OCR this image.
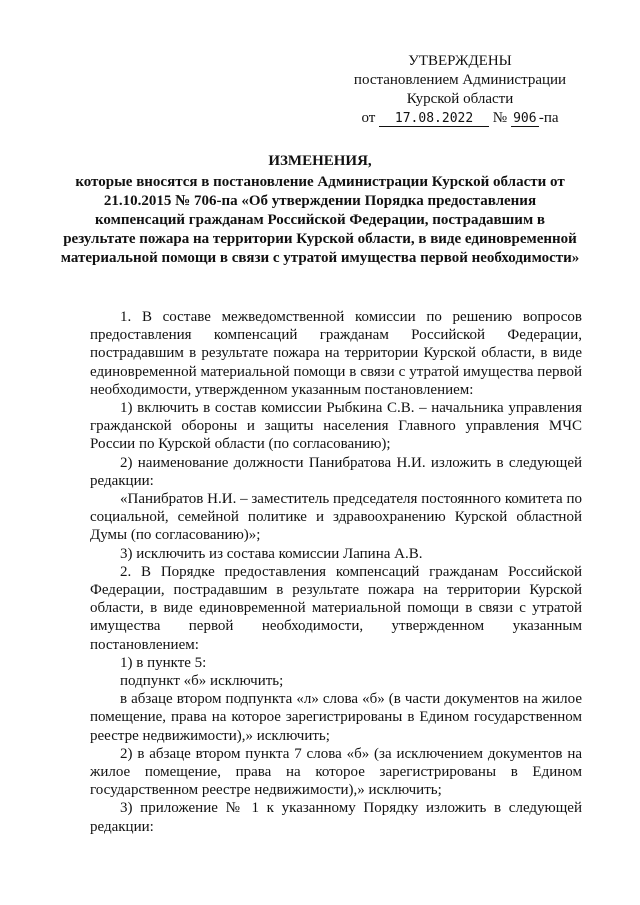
УТВЕРЖДЕНЫ
постановлением Администрации
Курской области
от 17.08.2022 № 906 -па
ИЗМЕНЕНИЯ,
которые вносятся в постановление Администрации Курской области от 21.10.2015 № 706-па «Об утверждении Порядка предоставления компенсаций гражданам Российской Федерации, пострадавшим в результате пожара на территории Курской области, в виде единовременной материальной помощи в связи с утратой имущества первой необходимости»

1. В составе межведомственной комиссии по решению вопросов предоставления компенсаций гражданам Российской Федерации, пострадавшим в результате пожара на территории Курской области, в виде единовременной материальной помощи в связи с утратой имущества первой необходимости, утвержденном указанным постановлением:

1) включить в состав комиссии Рыбкина С.В. – начальника управления гражданской обороны и защиты населения Главного управления МЧС России по Курской области (по согласованию);

2) наименование должности Панибратова Н.И. изложить в следующей редакции:

«Панибратов Н.И. – заместитель председателя постоянного комитета по социальной, семейной политике и здравоохранению Курской областной Думы (по согласованию)»;

3) исключить из состава комиссии Лапина А.В.

2. В Порядке предоставления компенсаций гражданам Российской Федерации, пострадавшим в результате пожара на территории Курской области, в виде единовременной материальной помощи в связи с утратой имущества первой необходимости, утвержденном указанным постановлением:

1) в пункте 5:

подпункт «б» исключить;

в абзаце втором подпункта «л» слова «б» (в части документов на жилое помещение, права на которое зарегистрированы в Едином государственном реестре недвижимости),» исключить;

2) в абзаце втором пункта 7 слова «б» (за исключением документов на жилое помещение, права на которое зарегистрированы в Едином государственном реестре недвижимости),» исключить;

3) приложение № 1 к указанному Порядку изложить в следующей редакции:
